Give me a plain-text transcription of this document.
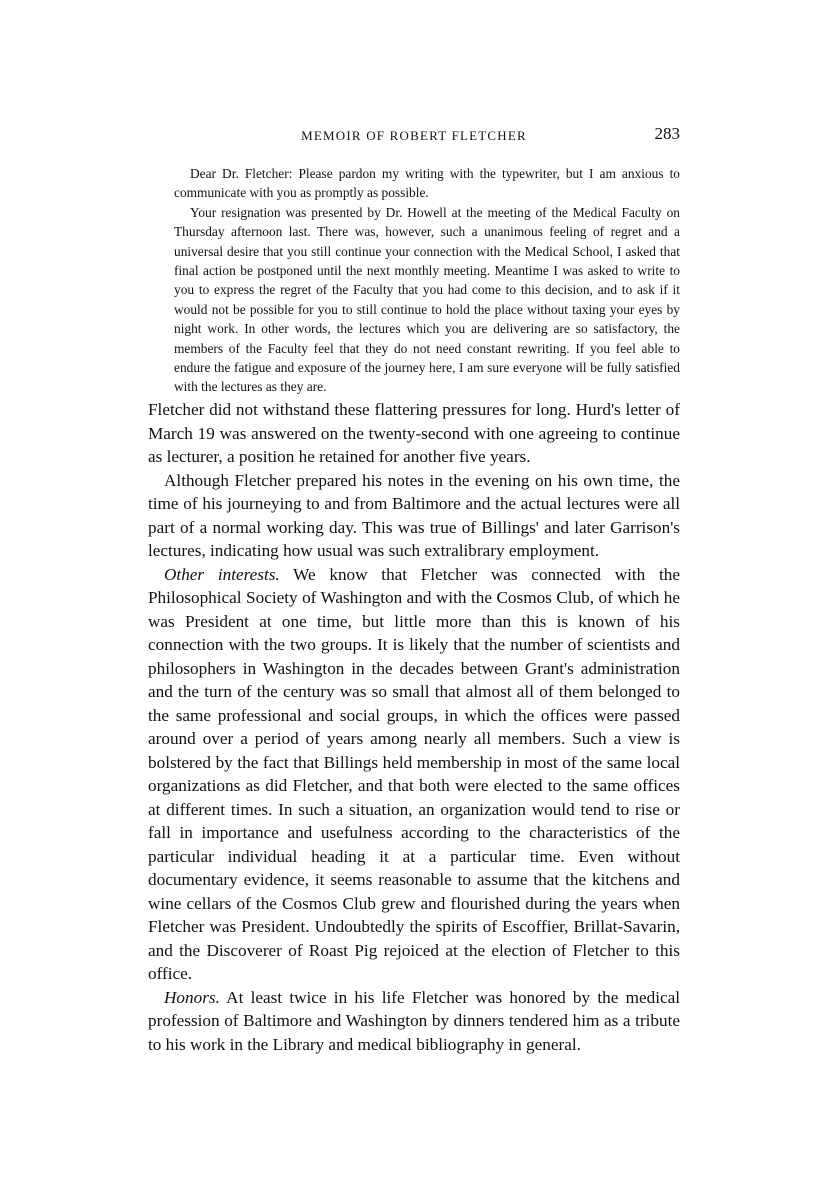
MEMOIR OF ROBERT FLETCHER	283

Dear Dr. Fletcher: Please pardon my writing with the typewriter, but I am anxious to communicate with you as promptly as possible.

Your resignation was presented by Dr. Howell at the meeting of the Medical Faculty on Thursday afternoon last. There was, however, such a unanimous feeling of regret and a universal desire that you still continue your connection with the Medical School, I asked that final action be postponed until the next monthly meeting. Meantime I was asked to write to you to express the regret of the Faculty that you had come to this decision, and to ask if it would not be possible for you to still continue to hold the place without taxing your eyes by night work. In other words, the lectures which you are delivering are so satisfactory, the members of the Faculty feel that they do not need constant rewriting. If you feel able to endure the fatigue and exposure of the journey here, I am sure everyone will be fully satisfied with the lectures as they are.

Fletcher did not withstand these flattering pressures for long. Hurd's letter of March 19 was answered on the twenty-second with one agreeing to continue as lecturer, a position he retained for another five years.

Although Fletcher prepared his notes in the evening on his own time, the time of his journeying to and from Baltimore and the actual lectures were all part of a normal working day. This was true of Billings' and later Garrison's lectures, indicating how usual was such extralibrary employment.

Other interests. We know that Fletcher was connected with the Philosophical Society of Washington and with the Cosmos Club, of which he was President at one time, but little more than this is known of his connection with the two groups. It is likely that the number of scientists and philosophers in Washington in the decades between Grant's administration and the turn of the century was so small that almost all of them belonged to the same professional and social groups, in which the offices were passed around over a period of years among nearly all members. Such a view is bolstered by the fact that Billings held membership in most of the same local organizations as did Fletcher, and that both were elected to the same offices at different times. In such a situation, an organization would tend to rise or fall in importance and usefulness according to the characteristics of the particular individual heading it at a particular time. Even without documentary evidence, it seems reasonable to assume that the kitchens and wine cellars of the Cosmos Club grew and flourished during the years when Fletcher was President. Undoubtedly the spirits of Escoffier, Brillat-Savarin, and the Discoverer of Roast Pig rejoiced at the election of Fletcher to this office.

Honors. At least twice in his life Fletcher was honored by the medical profession of Baltimore and Washington by dinners tendered him as a tribute to his work in the Library and medical bibliography in general.
